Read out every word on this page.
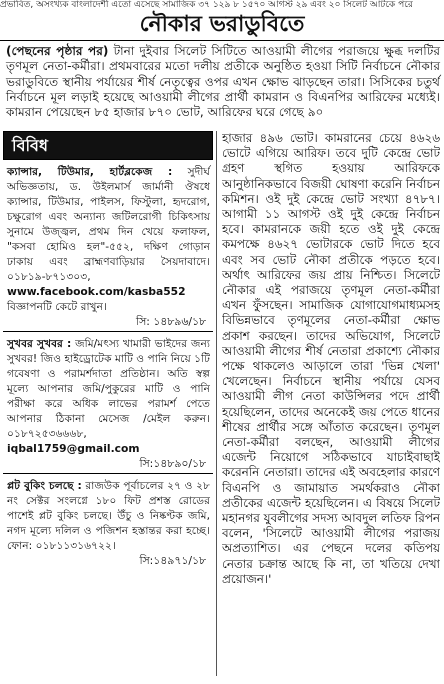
প্রভাবিত, অসংখ্যক বাংলাদেশী এতো এসেছে সামাজিক ৩৭ ১২৯ ৮ ১৫৭০ আগস্ট ২৯ এবং ২০ সিলেট আটকে পরে
নৌকার ভরাডুবিতে

(পেছনের পৃষ্ঠার পর) টানা দুইবার সিলেট সিটিতে আওয়ামী লীগের পরাজয়ে ক্ষুব্ধ দলটির তৃণমূল নেতা-কর্মীরা। প্রথমবারের মতো দলীয় প্রতীকে অনুষ্ঠিত হওয়া সিটি নির্বাচনে নৌকার ভরাডুবিতে স্থানীয় পর্যায়ের শীর্ষ নেতৃত্বের ওপর এখন ক্ষোভ ঝাড়ছেন তারা। সিসিকের চতুর্থ নির্বাচনে মূল লড়াই হয়েছে আওয়ামী লীগের প্রার্থী কামরান ও বিএনপির আরিফের মধ্যেই। কামরান পেয়েছেন ৮৫ হাজার ৮৭০ ভোট, আরিফের ঘরে গেছে ৯০

বিবিধ

ক্যান্সার, টিউমার, হার্টব্লকেজ : সুদীর্ঘ অভিজ্ঞতায়, ড. উইলমার্স জার্মানী ঔষধে ক্যান্সার, টিউমার, পাইলস, ফিস্টুলা, হৃদরোগ, চক্ষুরোগ এবং অন্যান্য জটিলরোগী চিকিৎসায় সুনামে উজ্জ্বল, প্রথম দিন খেয়ে ফলাফল, "কসবা হোমিও হল"-৫৫২, দক্ষিণ গোড়ান ঢাকায় এবং ব্রাহ্মণবাড়িয়ার সৈয়দাবাদে। ০১৮১৯-৮৭১৩০৩,

www.facebook.com/kasba552

বিজ্ঞাপনটি কেটে রাখুন।

সি: ১৪৮৯৬/১৮

সুখবর সুখবর : জমি/মৎস্য খামারী ভাইদের জন্য সুখবর! জিও হাইড্রোটেক মাটি ও পানি নিয়ে ১টি গবেষণা ও পরামর্শদাতা প্রতিষ্ঠান। অতি স্বল্প মূল্যে আপনার জমি/পুকুরের মাটি ও পানি পরীক্ষা করে অধিক লাভের পরামর্শ পেতে আপনার ঠিকানা মেসেজ /মেইল করুন। ০১৮৭২৫৩৬৬৬৮,

iqbal1759@gmail.com

সি:১৪৮৯০/১৮

প্লট বুকিং চলছে : রাজউক পূর্বাচলের ২৭ ও ২৮ নং সেক্টর সংলগ্নে ১৮০ ফিট প্রশস্ত রোডের পাশেই প্লট বুকিং চলছে। উঁচু ও নিষ্কণ্টক জমি, নগদ মূল্যে দলিল ও পজিশন হস্তান্তর করা হচ্ছে। ফোন: ০১৮১১৩১৬৭২২।

সি:১৪৯৭১/১৮

হাজার ৪৯৬ ভোট। কামরানের চেয়ে ৪৬২৬ ভোটে এগিয়ে আরিফ। তবে দুটি কেন্দ্রে ভোট গ্রহণ স্থগিত হওয়ায় আরিফকে আনুষ্ঠানিকভাবে বিজয়ী ঘোষণা করেনি নির্বাচন কমিশন। ওই দুই কেন্দ্রে ভোট সংখ্যা ৪৭৮৭। আগামী ১১ আগস্ট ওই দুই কেন্দ্রে নির্বাচন হবে। কামরানকে জয়ী হতে ওই দুই কেন্দ্রে কমপক্ষে ৪৬২৭ ভোটারকে ভোট দিতে হবে এবং সব ভোট নৌকা প্রতীকে পড়তে হবে। অর্থাৎ আরিফের জয় প্রায় নিশ্চিত। সিলেটে নৌকার এই পরাজয়ে তৃণমূল নেতা-কর্মীরা এখন ফুঁসছেন। সামাজিক যোগাযোগমাধ্যমসহ বিভিন্নভাবে তৃণমূলের নেতা-কর্মীরা ক্ষোভ প্রকাশ করছেন। তাদের অভিযোগ, সিলেটে আওয়ামী লীগের শীর্ষ নেতারা প্রকাশ্যে নৌকার পক্ষে থাকলেও আড়ালে তারা 'ভিন্ন খেলা' খেলেছেন। নির্বাচনে স্থানীয় পর্যায়ে যেসব আওয়ামী লীগ নেতা কাউন্সিলর পদে প্রার্থী হয়েছিলেন, তাদের অনেকেই জয় পেতে ধানের শীষের প্রার্থীর সঙ্গে আঁতাত করেছেন। তৃণমূল নেতা-কর্মীরা বলছেন, আওয়ামী লীগের এজেন্ট নিয়োগে সঠিকভাবে যাচাইবাছাই করেননি নেতারা। তাদের এই অবহেলার কারণে বিএনপি ও জামায়াত সমর্থকরাও নৌকা প্রতীকের এজেন্ট হয়েছিলেন। এ বিষয়ে সিলেট মহানগর যুবলীগের সদস্য আবদুল লতিফ রিপন বলেন, 'সিলেটে আওয়ামী লীগের পরাজয় অপ্রত্যাশিত। এর পেছনে দলের কতিপয় নেতার চক্রান্ত আছে কি না, তা খতিয়ে দেখা প্রয়োজন।'
